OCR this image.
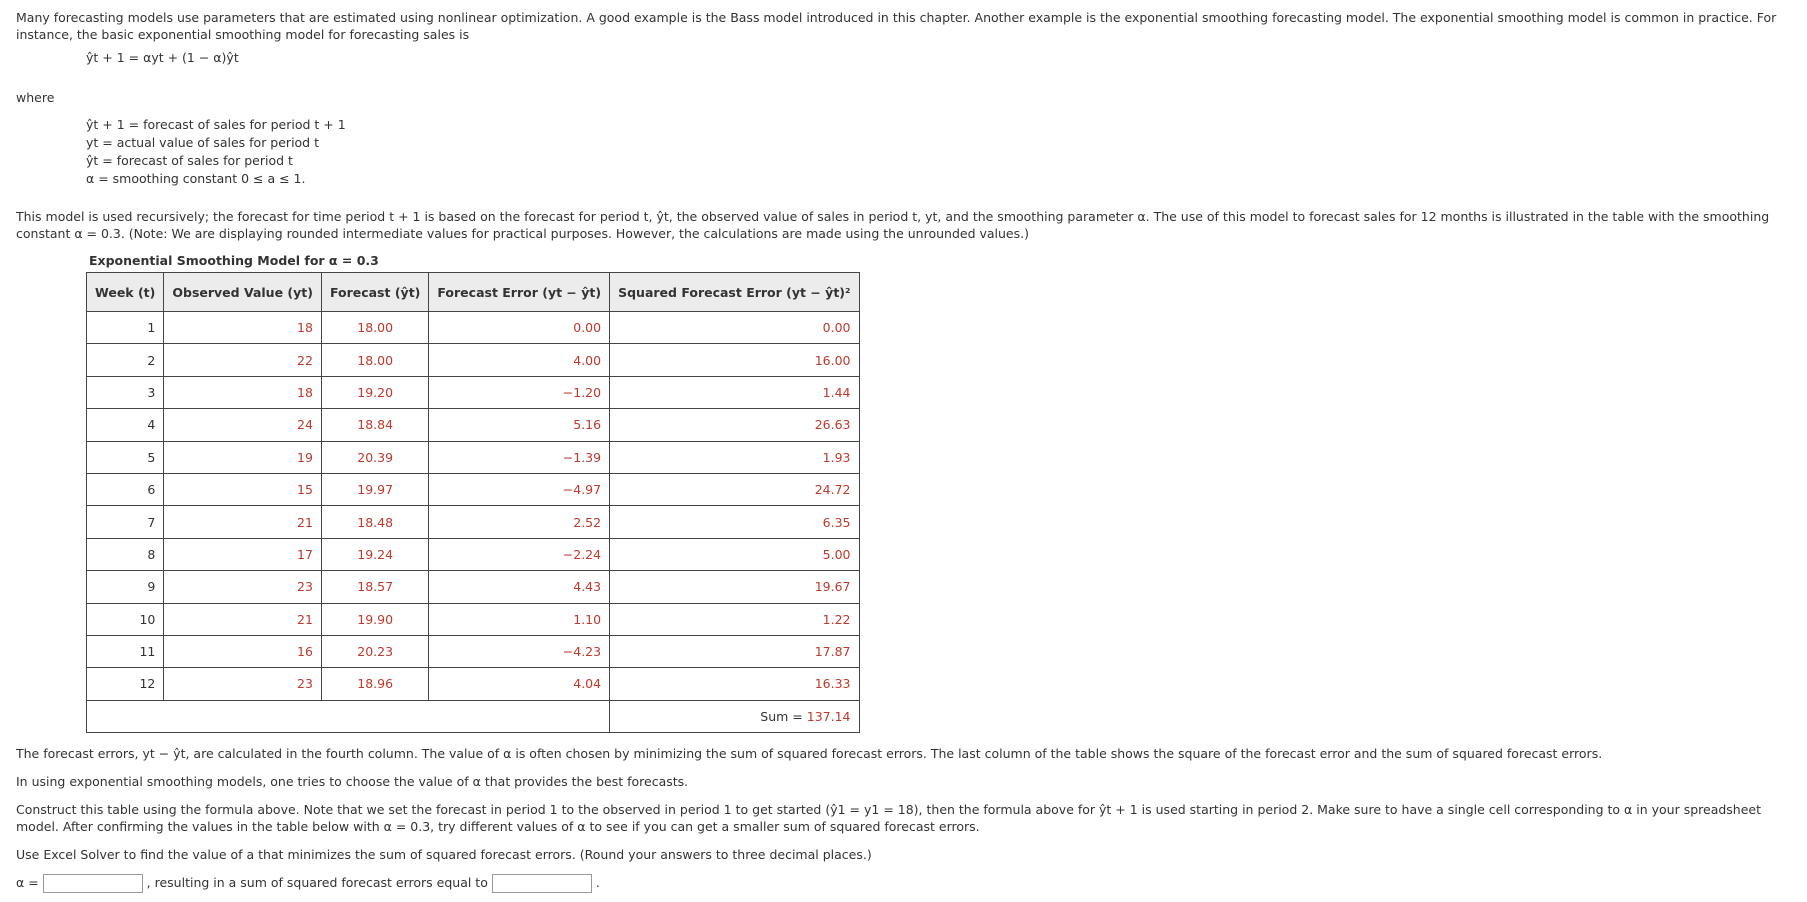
Many forecasting models use parameters that are estimated using nonlinear optimization. A good example is the Bass model introduced in this chapter. Another example is the exponential smoothing forecasting model. The exponential smoothing model is common in practice. For instance, the basic exponential smoothing model for forecasting sales is

ŷt + 1 = αyt + (1 − α)ŷt

where

ŷt + 1 = forecast of sales for period t + 1
yt = actual value of sales for period t
ŷt = forecast of sales for period t
α = smoothing constant 0 ≤ a ≤ 1.

This model is used recursively; the forecast for time period t + 1 is based on the forecast for period t, ŷt, the observed value of sales in period t, yt, and the smoothing parameter α. The use of this model to forecast sales for 12 months is illustrated in the table with the smoothing constant α = 0.3. (Note: We are displaying rounded intermediate values for practical purposes. However, the calculations are made using the unrounded values.)

Exponential Smoothing Model for α = 0.3
Week (t)	Observed Value (yt)	Forecast (ŷt)	Forecast Error (yt − ŷt)	Squared Forecast Error (yt − ŷt)²
1	18	18.00	0.00	0.00
2	22	18.00	4.00	16.00
3	18	19.20	−1.20	1.44
4	24	18.84	5.16	26.63
5	19	20.39	−1.39	1.93
6	15	19.97	−4.97	24.72
7	21	18.48	2.52	6.35
8	17	19.24	−2.24	5.00
9	23	18.57	4.43	19.67
10	21	19.90	1.10	1.22
11	16	20.23	−4.23	17.87
12	23	18.96	4.04	16.33
				Sum = 137.14

The forecast errors, yt − ŷt, are calculated in the fourth column. The value of α is often chosen by minimizing the sum of squared forecast errors. The last column of the table shows the square of the forecast error and the sum of squared forecast errors.

In using exponential smoothing models, one tries to choose the value of α that provides the best forecasts.

Construct this table using the formula above. Note that we set the forecast in period 1 to the observed in period 1 to get started (ŷ1 = y1 = 18), then the formula above for ŷt + 1 is used starting in period 2. Make sure to have a single cell corresponding to α in your spreadsheet model. After confirming the values in the table below with α = 0.3, try different values of α to see if you can get a smaller sum of squared forecast errors.

Use Excel Solver to find the value of a that minimizes the sum of squared forecast errors. (Round your answers to three decimal places.)

α =	, resulting in a sum of squared forecast errors equal to	.
